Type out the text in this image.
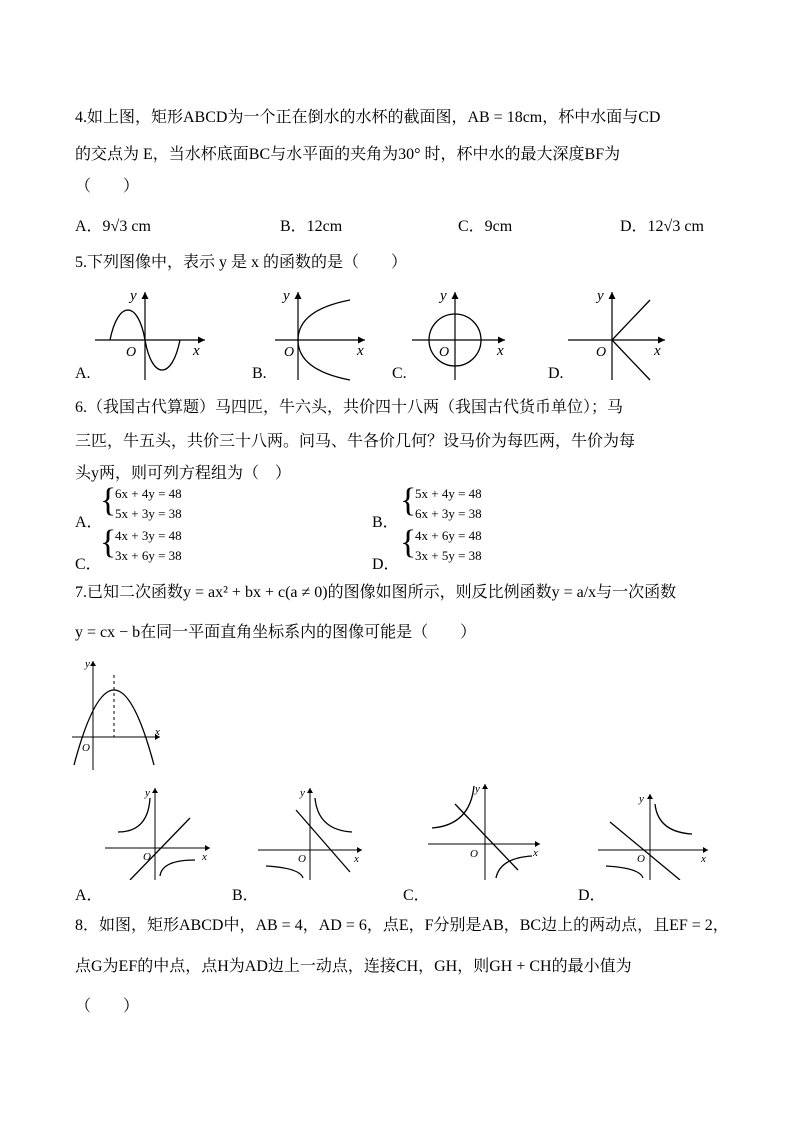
4.如上图，矩形ABCD为一个正在倒水的水杯的截面图，AB = 18cm，杯中水面与CD
的交点为 E，当水杯底面BC与水平面的夹角为30° 时，杯中水的最大深度BF为
（　　）
A．9√3 cm	B．12cm	C．9cm	D．12√3 cm
5.下列图像中，表示 y 是 x 的函数的是（　　）
x
y
O	x
y
O	x
y
O	x
y
O
A.	B.	C.	D.
6.（我国古代算题）马四匹，牛六头，共价四十八两（我国古代货币单位）；马
三匹，牛五头，共价三十八两。问马、牛各价几何？设马价为每匹两，牛价为每
头y两，则可列方程组为（　）
A．
{
6x + 4y = 48
5x + 3y = 38
B．
{
5x + 4y = 48
6x + 3y = 38
C．
{
4x + 3y = 48
3x + 6y = 38
D．
{
4x + 6y = 48
3x + 5y = 38
7.已知二次函数y = ax² + bx + c(a ≠ 0)的图像如图所示，则反比例函数y = a/x与一次函数
y = cx − b在同一平面直角坐标系内的图像可能是（　　）
x
y
O
x
y
O	x
y
O	x
y
O	x
y
O
A．	B．	C．	D．
8．如图，矩形ABCD中，AB = 4，AD = 6，点E，F分别是AB，BC边上的两动点，且EF = 2，
点G为EF的中点，点H为AD边上一动点，连接CH，GH，则GH + CH的最小值为
（　　）
